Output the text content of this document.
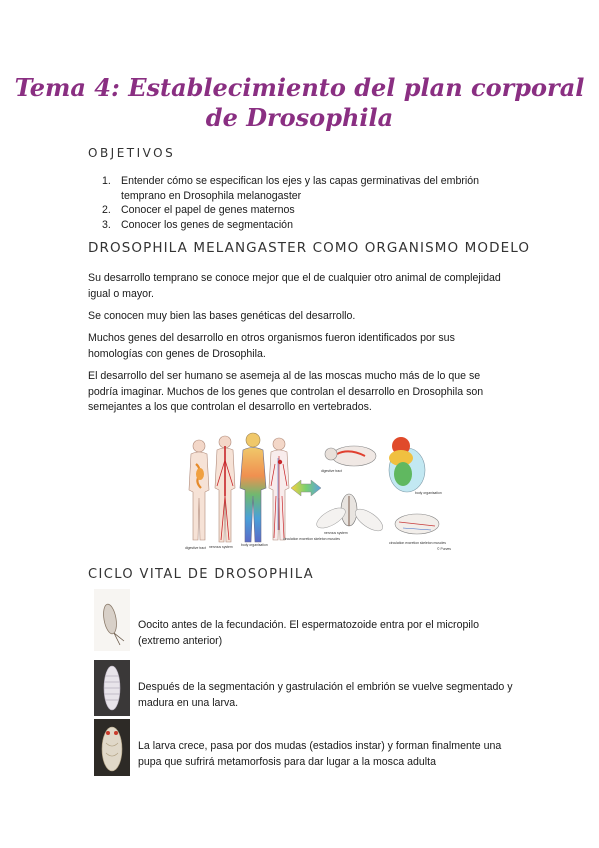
Tema 4: Establecimiento del plan corporal
de Drosophila
OBJETIVOS
1. Entender cómo se especifican los ejes y las capas germinativas del embrión temprano en Drosophila melanogaster
2. Conocer el papel de genes maternos
3. Conocer los genes de segmentación
DROSOPHILA MELANGASTER COMO ORGANISMO MODELO

Su desarrollo temprano se conoce mejor que el de cualquier otro animal de complejidad igual o mayor.

Se conocen muy bien las bases genéticas del desarrollo.

Muchos genes del desarrollo en otros organismos fueron identificados por sus homologías con genes de Drosophila.

El desarrollo del ser humano se asemeja al de las moscas mucho más de lo que se podría imaginar. Muchos de los genes que controlan el desarrollo en Drosophila son semejantes a los que controlan el desarrollo en vertebrados.

digestive tract nervous system body organisation
circulation excretion skeleton muscles
digestive tract
nervous system
body organisation
circulation excretion skeleton muscles
© Purves
CICLO VITAL DE DROSOPHILA

Oocito antes de la fecundación. El espermatozoide entra por el micropilo (extremo anterior)

Después de la segmentación y gastrulación el embrión se vuelve segmentado y madura en una larva.

La larva crece, pasa por dos mudas (estadios instar) y forman finalmente una pupa que sufrirá metamorfosis para dar lugar a la mosca adulta
